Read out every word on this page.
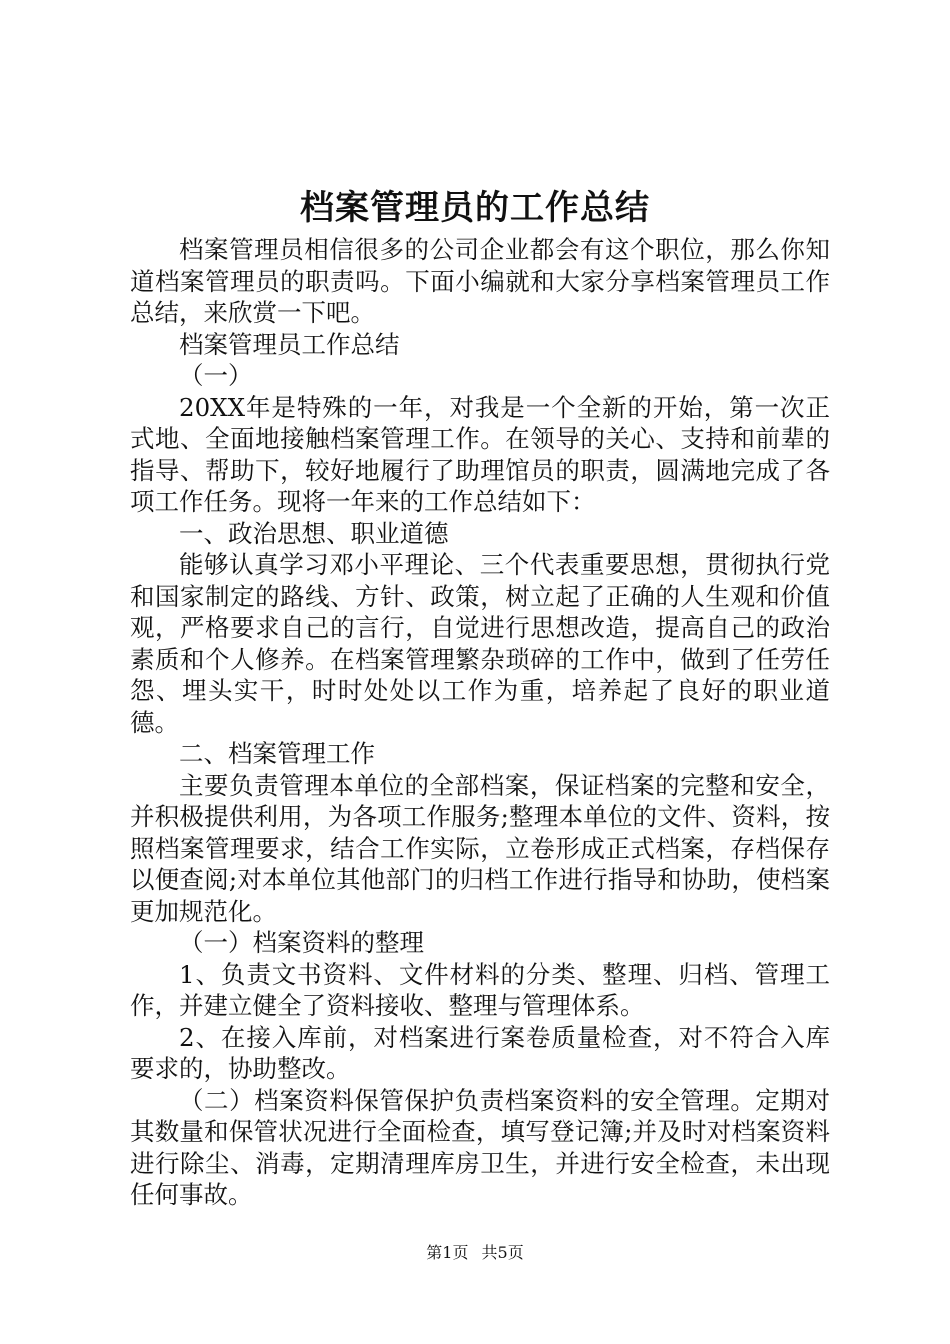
档案管理员的工作总结

档案管理员相信很多的公司企业都会有这个职位，那么你知道档案管理员的职责吗。下面小编就和大家分享档案管理员工作总结，来欣赏一下吧。

档案管理员工作总结

（一）

20XX年是特殊的一年，对我是一个全新的开始，第一次正式地、全面地接触档案管理工作。在领导的关心、支持和前辈的指导、帮助下，较好地履行了助理馆员的职责，圆满地完成了各项工作任务。现将一年来的工作总结如下：

一、政治思想、职业道德

能够认真学习邓小平理论、三个代表重要思想，贯彻执行党和国家制定的路线、方针、政策，树立起了正确的人生观和价值观，严格要求自己的言行，自觉进行思想改造，提高自己的政治素质和个人修养。在档案管理繁杂琐碎的工作中，做到了任劳任怨、埋头实干，时时处处以工作为重，培养起了良好的职业道德。

二、档案管理工作

主要负责管理本单位的全部档案，保证档案的完整和安全，并积极提供利用，为各项工作服务;整理本单位的文件、资料，按照档案管理要求，结合工作实际，立卷形成正式档案，存档保存以便查阅;对本单位其他部门的归档工作进行指导和协助，使档案更加规范化。

（一）档案资料的整理

1、负责文书资料、文件材料的分类、整理、归档、管理工作，并建立健全了资料接收、整理与管理体系。

2、在接入库前，对档案进行案卷质量检查，对不符合入库要求的，协助整改。

（二）档案资料保管保护负责档案资料的安全管理。定期对其数量和保管状况进行全面检查，填写登记簿;并及时对档案资料进行除尘、消毒，定期清理库房卫生，并进行安全检查，未出现任何事故。

第1页 共5页
